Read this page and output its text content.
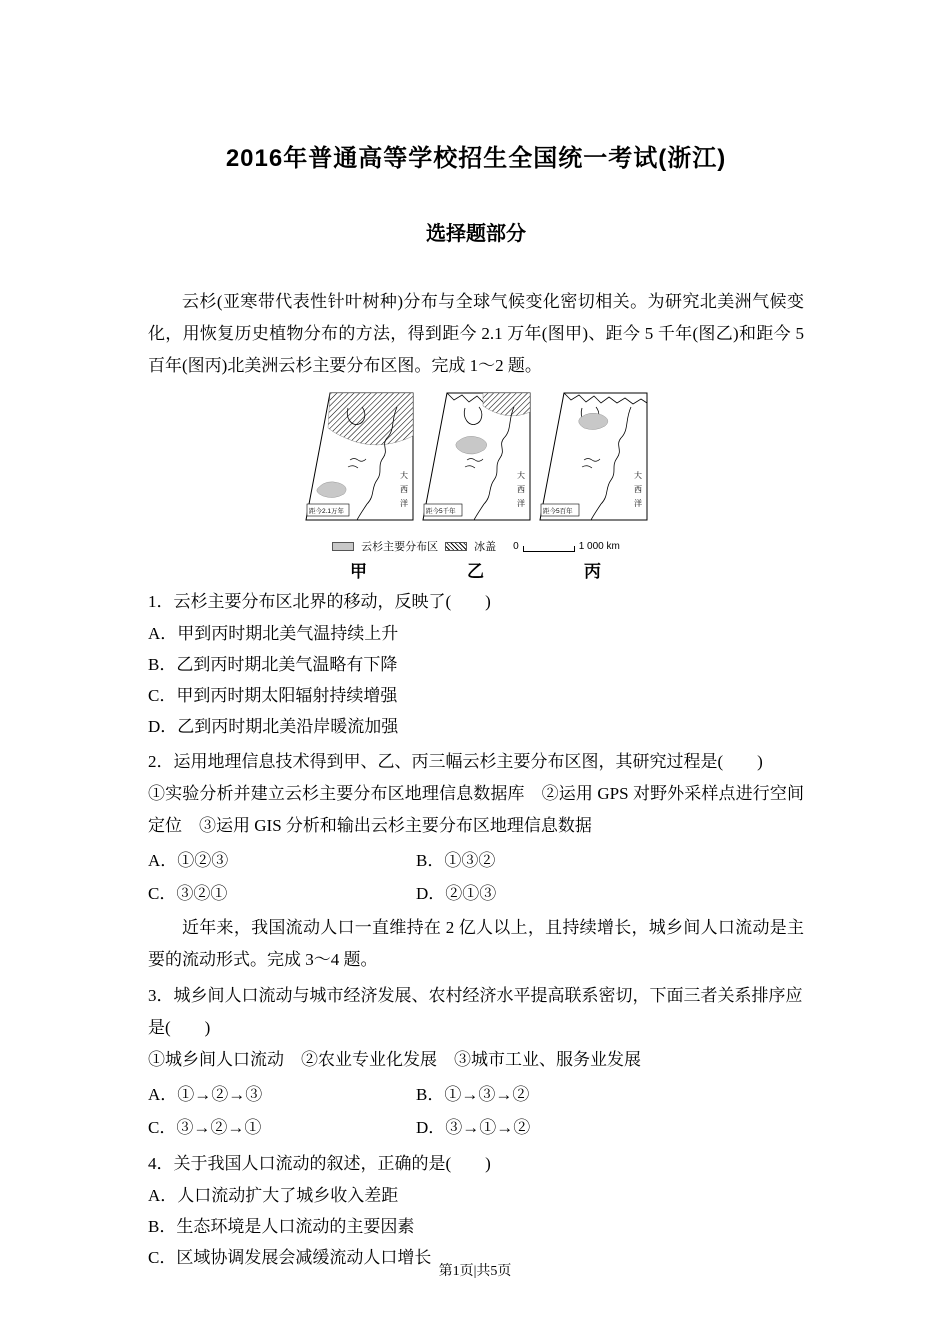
2016年普通高等学校招生全国统一考试(浙江)
选择题部分

云杉(亚寒带代表性针叶树种)分布与全球气候变化密切相关。为研究北美洲气候变化，用恢复历史植物分布的方法，得到距今 2.1 万年(图甲)、距今 5 千年(图乙)和距今 5 百年(图丙)北美洲云杉主要分布区图。完成 1～2 题。

距今2.1万年
大
西
洋
距今5千年
大
西
洋
距今5百年
大
西
洋
云杉主要分布区	冰盖 0	1 000 km
甲	乙	丙
1．云杉主要分布区北界的移动，反映了(　　)
A．甲到丙时期北美气温持续上升
B．乙到丙时期北美气温略有下降
C．甲到丙时期太阳辐射持续增强
D．乙到丙时期北美沿岸暖流加强
2．运用地理信息技术得到甲、乙、丙三幅云杉主要分布区图，其研究过程是(　　)
①实验分析并建立云杉主要分布区地理信息数据库　②运用 GPS 对野外采样点进行空间定位　③运用 GIS 分析和输出云杉主要分布区地理信息数据
A．①②③	B．①③②
C．③②①	D．②①③

近年来，我国流动人口一直维持在 2 亿人以上，且持续增长，城乡间人口流动是主要的流动形式。完成 3～4 题。

3．城乡间人口流动与城市经济发展、农村经济水平提高联系密切，下面三者关系排序应是(　　)
①城乡间人口流动　②农业专业化发展　③城市工业、服务业发展
A．①→②→③	B．①→③→②
C．③→②→①	D．③→①→②
4．关于我国人口流动的叙述，正确的是(　　)
A．人口流动扩大了城乡收入差距
B．生态环境是人口流动的主要因素
C．区域协调发展会减缓流动人口增长
第1页|共5页
